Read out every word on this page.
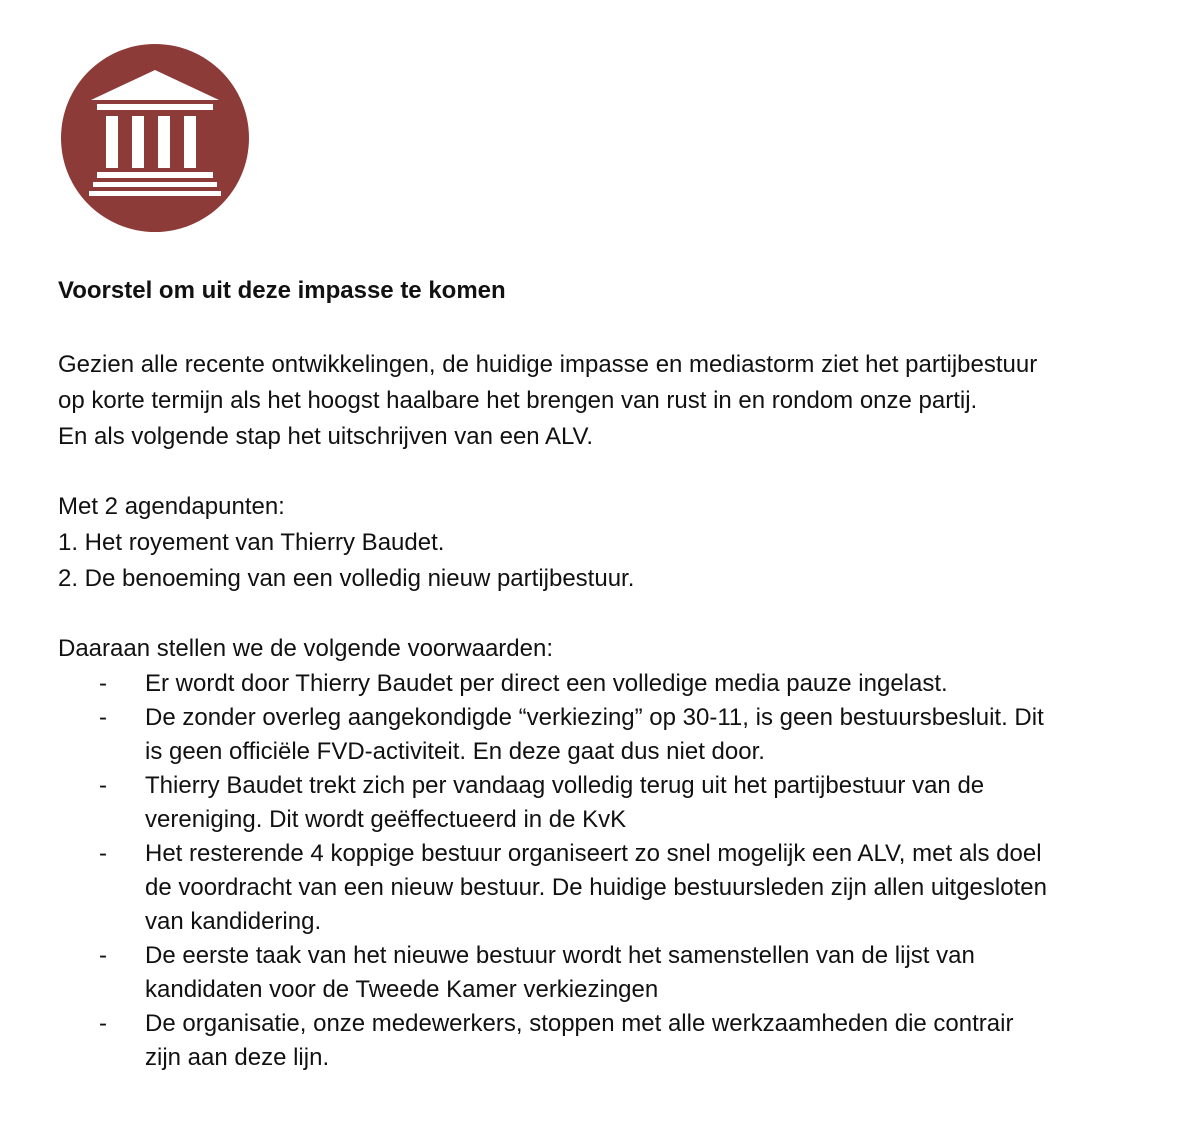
Voorstel om uit deze impasse te komen

Gezien alle recente ontwikkelingen, de huidige impasse en mediastorm ziet het partijbestuur

op korte termijn als het hoogst haalbare het brengen van rust in en rondom onze partij.

En als volgende stap het uitschrijven van een ALV.

Met 2 agendapunten:

1. Het royement van Thierry Baudet.
2. De benoeming van een volledig nieuw partijbestuur.

Daaraan stellen we de volgende voorwaarden:

- Er wordt door Thierry Baudet per direct een volledige media pauze ingelast.
- De zonder overleg aangekondigde “verkiezing” op 30-11, is geen bestuursbesluit. Dit
is geen officiële FVD-activiteit. En deze gaat dus niet door.
- Thierry Baudet trekt zich per vandaag volledig terug uit het partijbestuur van de
vereniging. Dit wordt geëffectueerd in de KvK
- Het resterende 4 koppige bestuur organiseert zo snel mogelijk een ALV, met als doel
de voordracht van een nieuw bestuur. De huidige bestuursleden zijn allen uitgesloten
van kandidering.
- De eerste taak van het nieuwe bestuur wordt het samenstellen van de lijst van
kandidaten voor de Tweede Kamer verkiezingen
- De organisatie, onze medewerkers, stoppen met alle werkzaamheden die contrair
zijn aan deze lijn.
